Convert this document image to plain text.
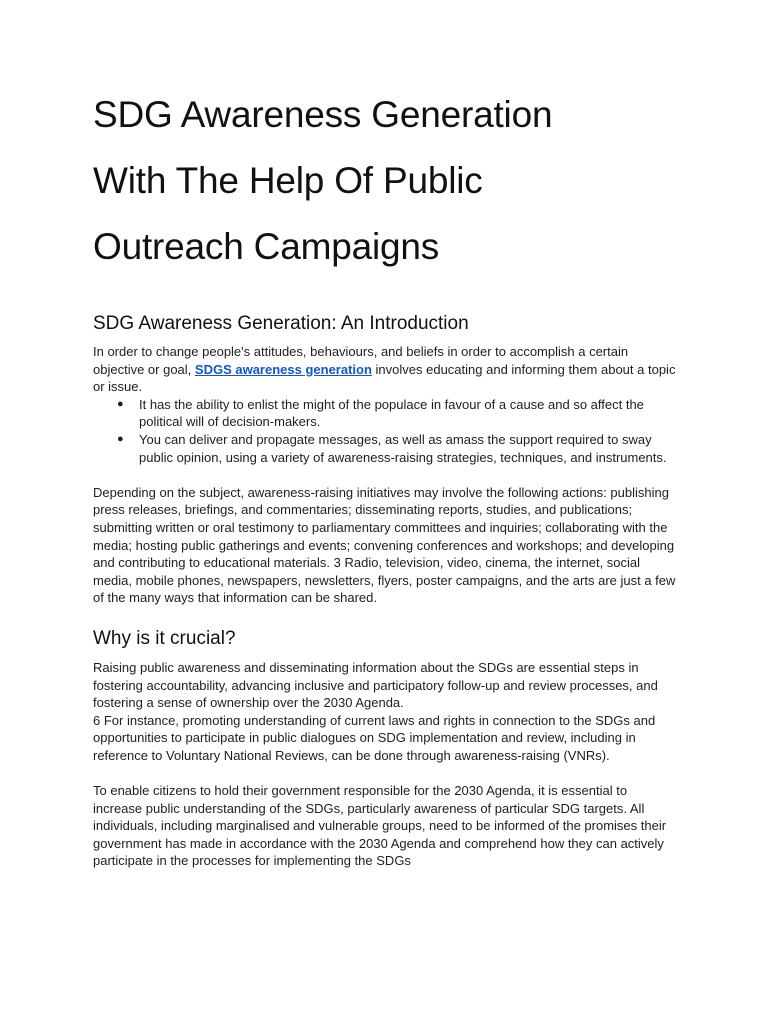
SDG Awareness Generation
With The Help Of Public
Outreach Campaigns
SDG Awareness Generation: An Introduction

In order to change people's attitudes, behaviours, and beliefs in order to accomplish a certain objective or goal, SDGS awareness generation involves educating and informing them about a topic or issue.

● It has the ability to enlist the might of the populace in favour of a cause and so affect the political will of decision-makers.
● You can deliver and propagate messages, as well as amass the support required to sway public opinion, using a variety of awareness-raising strategies, techniques, and instruments.

Depending on the subject, awareness-raising initiatives may involve the following actions: publishing press releases, briefings, and commentaries; disseminating reports, studies, and publications; submitting written or oral testimony to parliamentary committees and inquiries; collaborating with the media; hosting public gatherings and events; convening conferences and workshops; and developing and contributing to educational materials. 3 Radio, television, video, cinema, the internet, social media, mobile phones, newspapers, newsletters, flyers, poster campaigns, and the arts are just a few of the many ways that information can be shared.

Why is it crucial?

Raising public awareness and disseminating information about the SDGs are essential steps in fostering accountability, advancing inclusive and participatory follow-up and review processes, and fostering a sense of ownership over the 2030 Agenda.
6 For instance, promoting understanding of current laws and rights in connection to the SDGs and opportunities to participate in public dialogues on SDG implementation and review, including in reference to Voluntary National Reviews, can be done through awareness-raising (VNRs).

To enable citizens to hold their government responsible for the 2030 Agenda, it is essential to increase public understanding of the SDGs, particularly awareness of particular SDG targets. All individuals, including marginalised and vulnerable groups, need to be informed of the promises their government has made in accordance with the 2030 Agenda and comprehend how they can actively participate in the processes for implementing the SDGs
